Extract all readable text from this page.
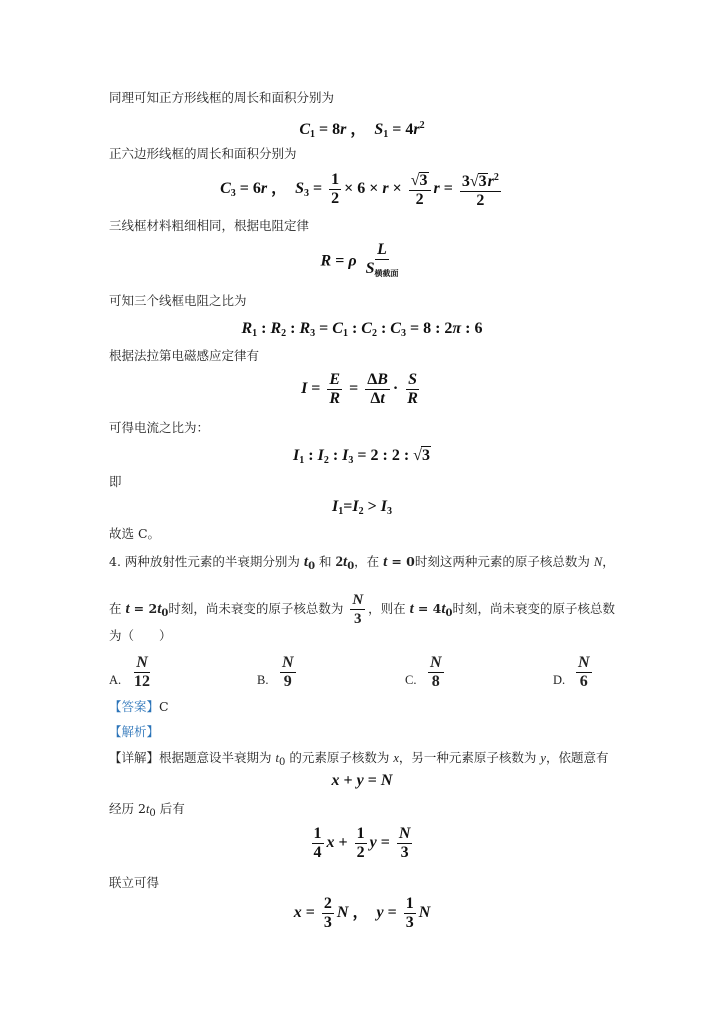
同理可知正方形线框的周长和面积分别为
$C_1 = 8r$ ，  $S_1 = 4r^2$
正六边形线框的周长和面积分别为
$C_3 = 6r$ ，  $S_3 = \frac{1}{2} \times 6 \times r \times \frac{√3}{2}$ $r = \frac{3√3r^2}{2}$
三线框材料粗细相同，根据电阻定律
R = ρ $\frac{L}{S_{横截面}}$
可知三个线框电阻之比为
$R_1$ : $R_2$ : $R_3 = C_1$ : $C_2$ : $C_3 = 8$ : 2π : 6
根据法拉第电磁感应定律有
$I = \frac{E}{R} = \frac{\Delta B}{\Delta t} \cdot \frac{S}{R}$
可得电流之比为：
$I_1$ : $I_2$ : $I_3 = 2$ : 2 : √3
即
$I_1=I_2 > I_3$
故选 C。
4. 两种放射性元素的半衰期分别为 $t_0$ 和 $2t_0$，在 t = 0时刻这两种元素的原子核总数为 N，
在 $t = 2t_0$时刻，尚未衰变的原子核总数为 $\frac{N}{3}$ ，则在 $t = 4t_0$时刻，尚未衰变的原子核总数
为（　　）
A. $\frac{N}{12}$	B. $\frac{N}{9}$	C. $\frac{N}{8}$	D. $\frac{N}{6}$
【答案】C
【解析】
【详解】根据题意设半衰期为 $t_0$ 的元素原子核数为 x，另一种元素原子核数为 y，依题意有
x + y = N
经历 $2t_0$ 后有
$\frac{1}{4}$ $x + \frac{1}{2}$ $y = \frac{N}{3}$
联立可得
$x = \frac{2}{3}$ N ，  $y = \frac{1}{3}$ N
